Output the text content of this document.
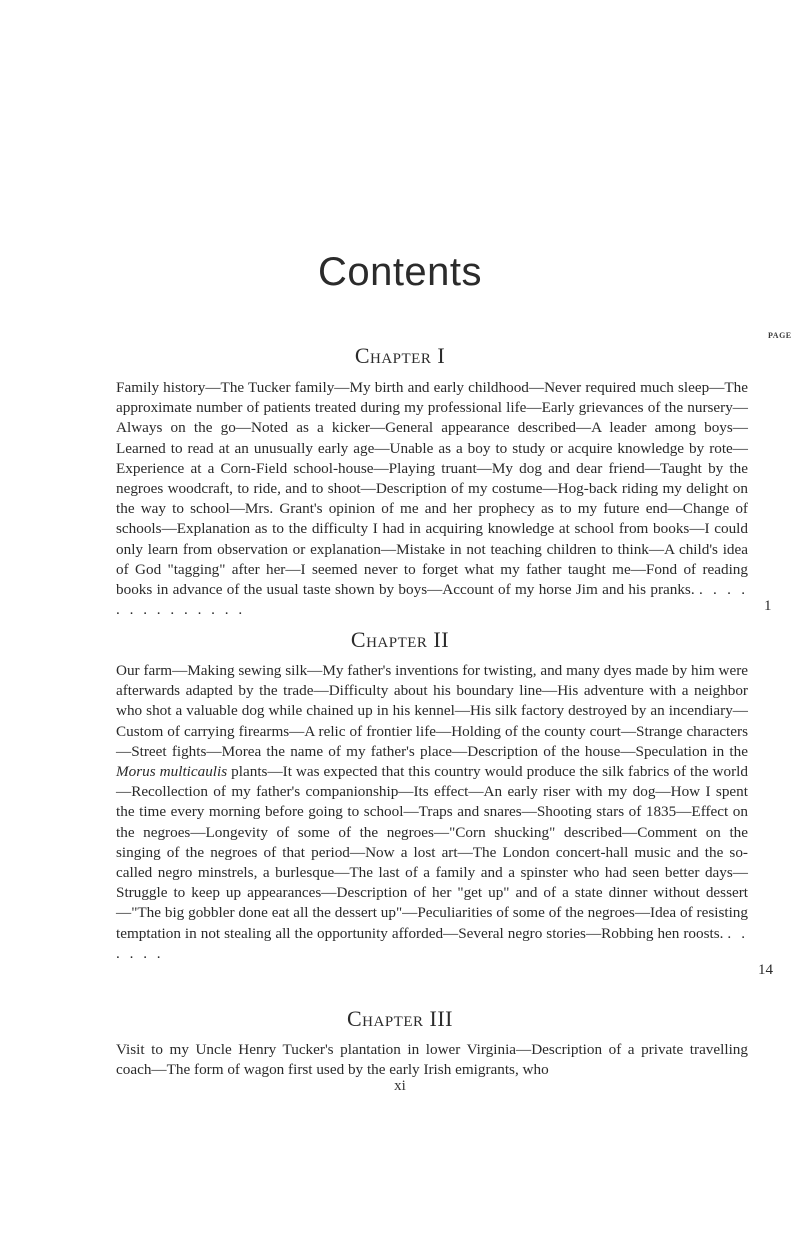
Contents
PAGE
Chapter I
Family history—The Tucker family—My birth and early childhood—Never required much sleep—The approximate number of patients treated during my professional life—Early grievances of the nursery—Always on the go—Noted as a kicker—General appearance described—A leader among boys—Learned to read at an unusually early age—Unable as a boy to study or acquire knowledge by rote—Experience at a Corn-Field school-house—Playing truant—My dog and dear friend—Taught by the negroes woodcraft, to ride, and to shoot—Description of my costume—Hog-back riding my delight on the way to school—Mrs. Grant's opinion of me and her prophecy as to my future end—Change of schools—Explanation as to the difficulty I had in acquiring knowledge at school from books—I could only learn from observation or explanation—Mistake in not teaching children to think—A child's idea of God "tagging" after her—I seemed never to forget what my father taught me—Fond of reading books in advance of the usual taste shown by boys—Account of my horse Jim and his pranks. . . . . . . . . . . . . . .	1
Chapter II
Our farm—Making sewing silk—My father's inventions for twisting, and many dyes made by him were afterwards adapted by the trade—Difficulty about his boundary line—His adventure with a neighbor who shot a valuable dog while chained up in his kennel—His silk factory destroyed by an incendiary—Custom of carrying firearms—A relic of frontier life—Holding of the county court—Strange characters—Street fights—Morea the name of my father's place—Description of the house—Speculation in the Morus multicaulis plants—It was expected that this country would produce the silk fabrics of the world—Recollection of my father's companionship—Its effect—An early riser with my dog—How I spent the time every morning before going to school—Traps and snares—Shooting stars of 1835—Effect on the negroes—Longevity of some of the negroes—"Corn shucking" described—Comment on the singing of the negroes of that period—Now a lost art—The London concert-hall music and the so-called negro minstrels, a burlesque—The last of a family and a spinster who had seen better days—Struggle to keep up appearances—Description of her "get up" and of a state dinner without dessert—"The big gobbler done eat all the dessert up"—Peculiarities of some of the negroes—Idea of resisting temptation in not stealing all the opportunity afforded—Several negro stories—Robbing hen roosts. . . . . . .
14
Chapter III
Visit to my Uncle Henry Tucker's plantation in lower Virginia—Description of a private travelling coach—The form of wagon first used by the early Irish emigrants, who
xi
